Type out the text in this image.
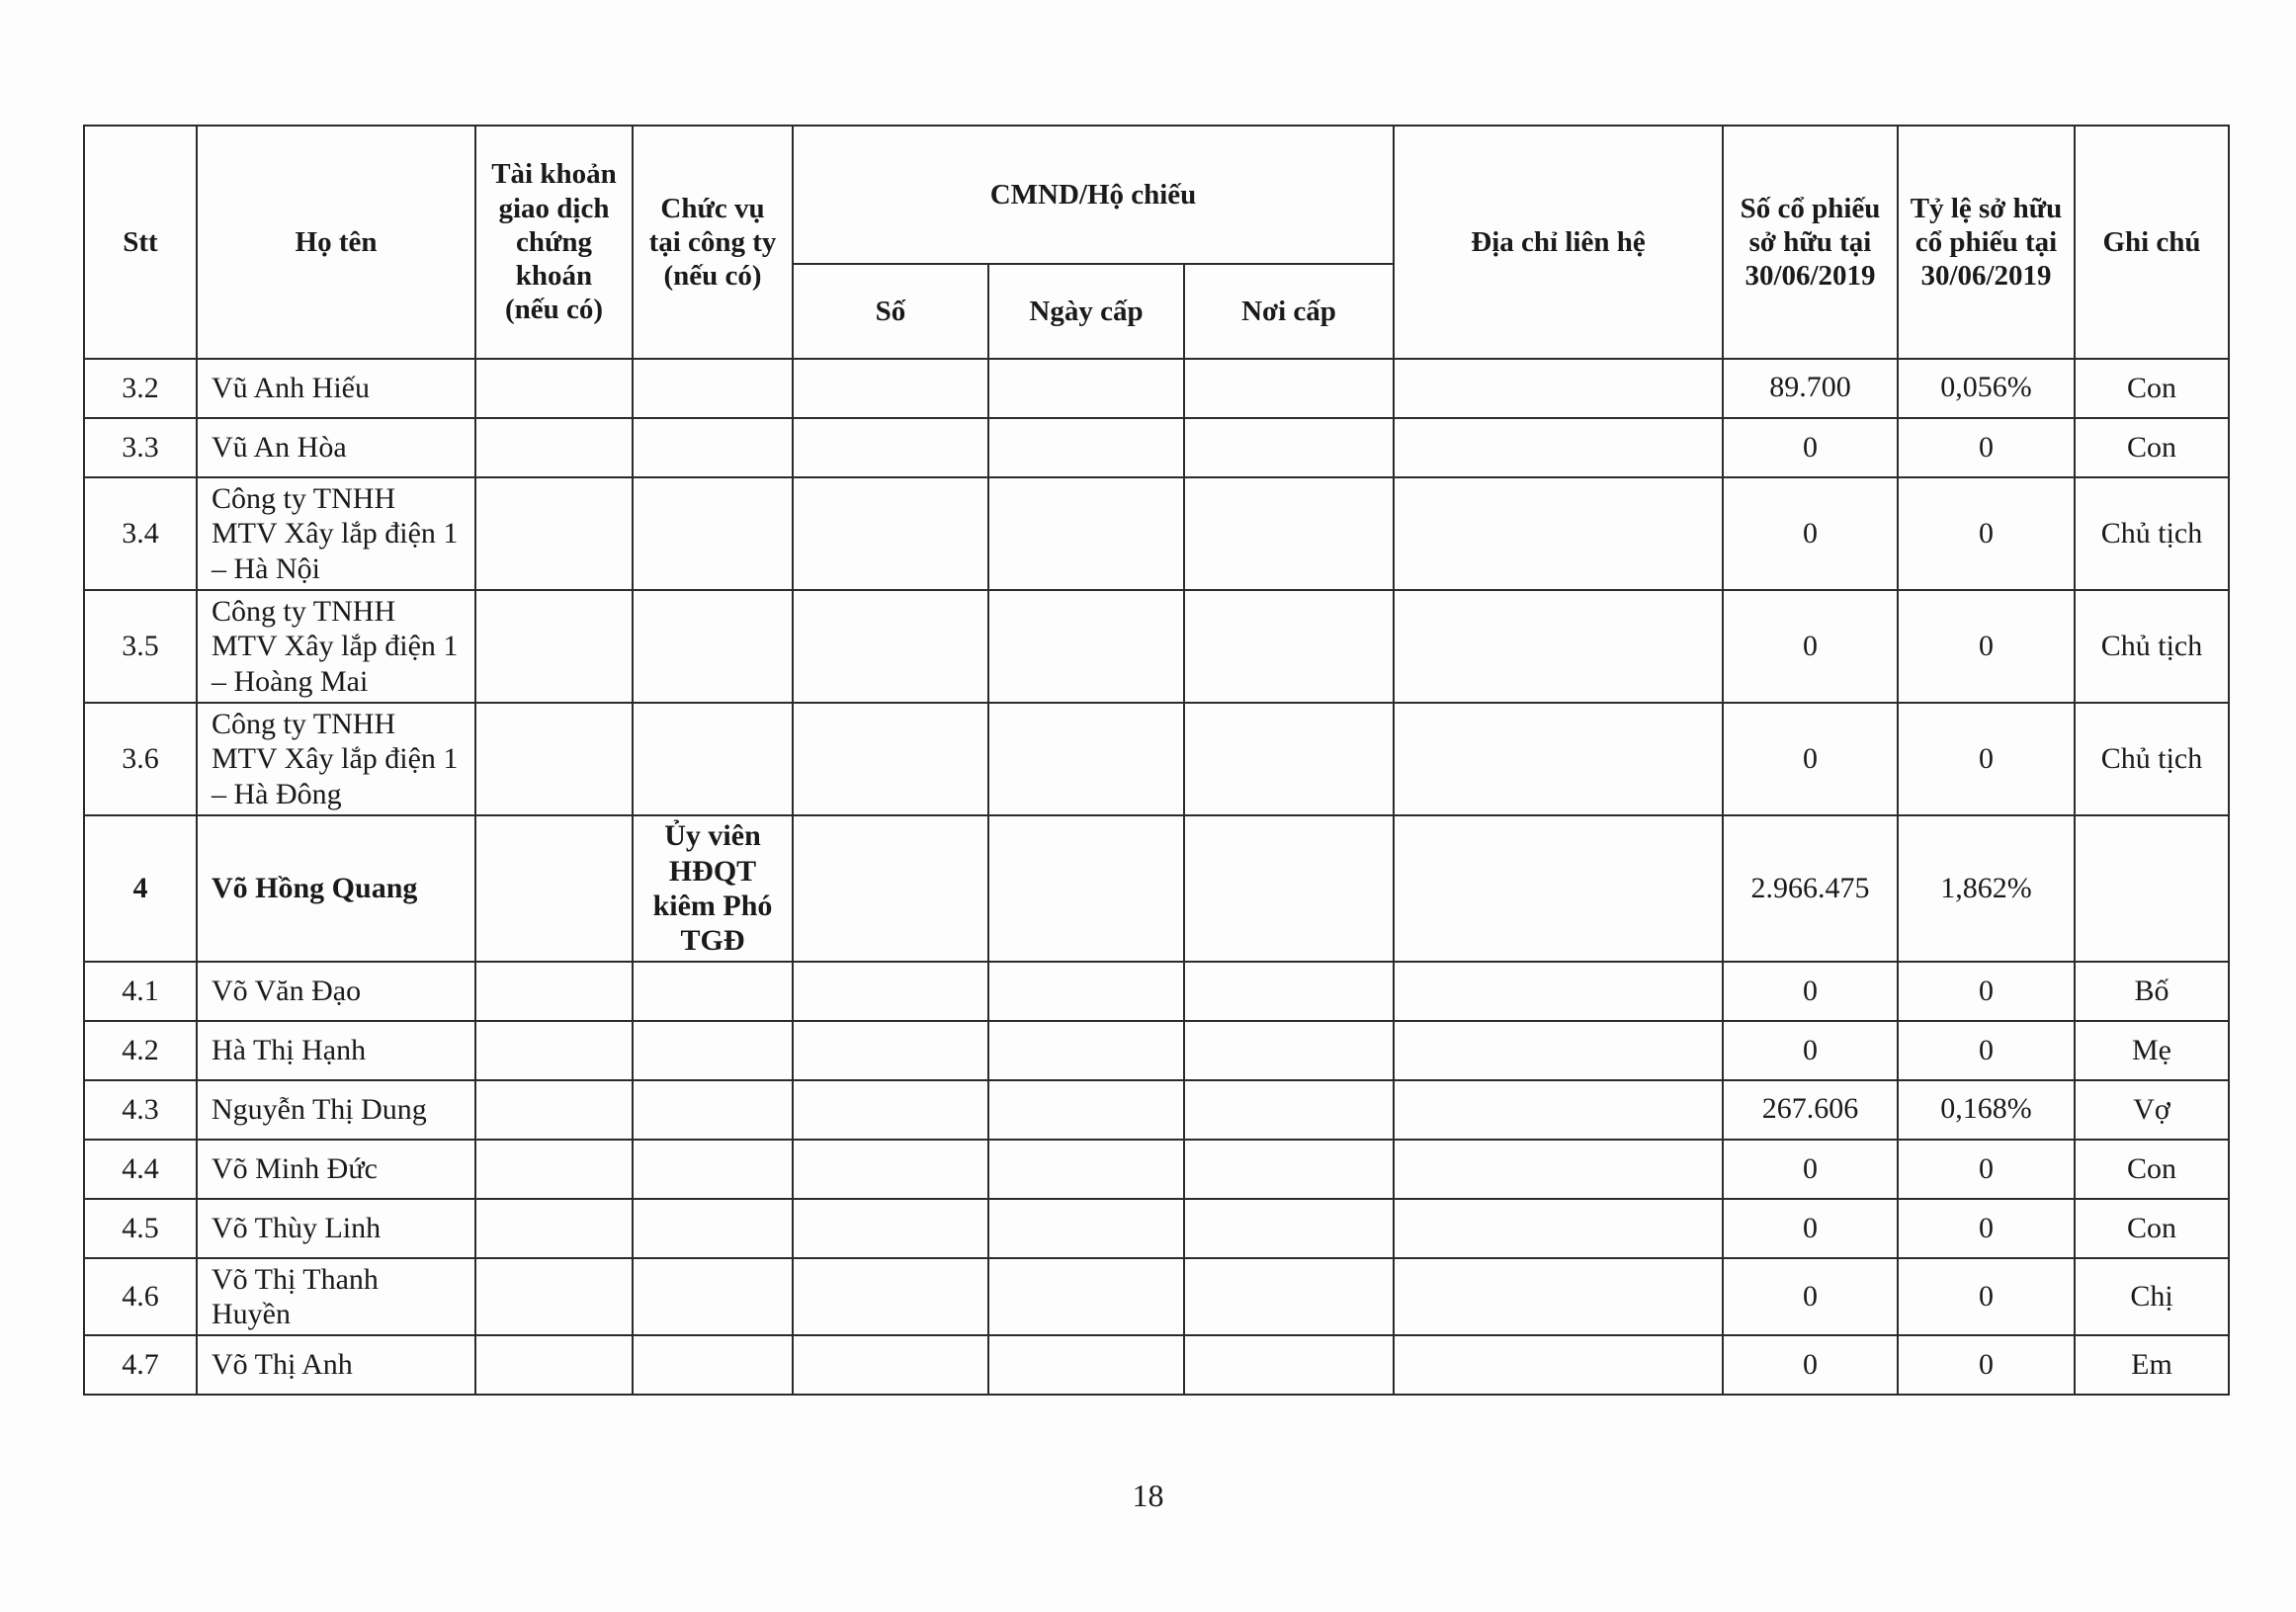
Stt	Họ tên	Tài khoản giao dịch chứng khoán (nếu có)	Chức vụ tại công ty (nếu có)	CMND/Hộ chiếu			Địa chỉ liên hệ	Số cổ phiếu sở hữu tại 30/06/2019	Tỷ lệ sở hữu cổ phiếu tại 30/06/2019	Ghi chú
				Số	Ngày cấp	Nơi cấp				
3.2	Vũ Anh Hiếu							89.700	0,056%	Con
3.3	Vũ An Hòa							0	0	Con
3.4	Công ty TNHH MTV Xây lắp điện 1 – Hà Nội							0	0	Chủ tịch
3.5	Công ty TNHH MTV Xây lắp điện 1 – Hoàng Mai							0	0	Chủ tịch
3.6	Công ty TNHH MTV Xây lắp điện 1 – Hà Đông							0	0	Chủ tịch
4	Võ Hồng Quang		Ủy viên HĐQT kiêm Phó TGĐ					2.966.475	1,862%	
4.1	Võ Văn Đạo							0	0	Bố
4.2	Hà Thị Hạnh							0	0	Mẹ
4.3	Nguyễn Thị Dung							267.606	0,168%	Vợ
4.4	Võ Minh Đức							0	0	Con
4.5	Võ Thùy Linh							0	0	Con
4.6	Võ Thị Thanh Huyền							0	0	Chị
4.7	Võ Thị Anh							0	0	Em
18
